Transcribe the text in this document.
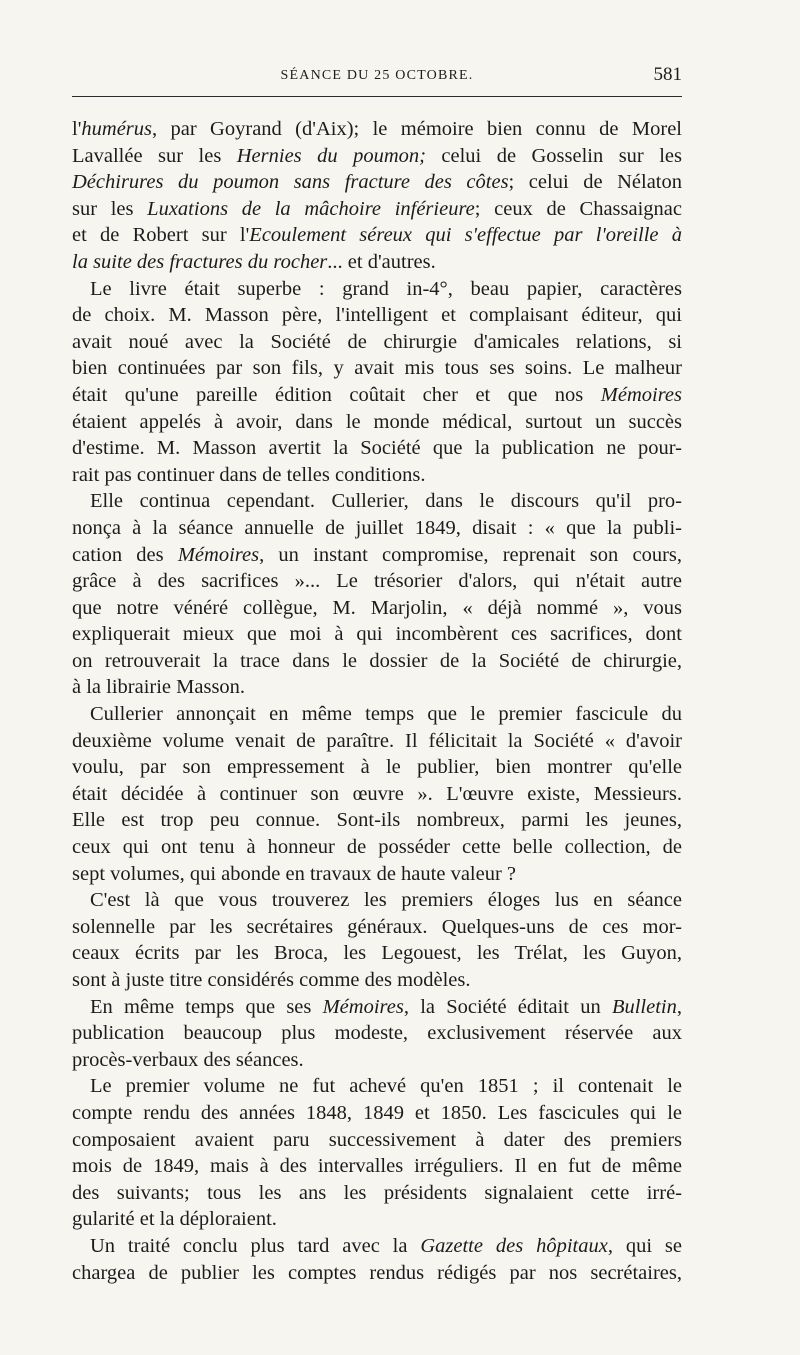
SÉANCE DU 25 OCTOBRE.	581
l'humérus, par Goyrand (d'Aix); le mémoire bien connu de Morel
Lavallée sur les Hernies du poumon; celui de Gosselin sur les
Déchirures du poumon sans fracture des côtes; celui de Nélaton
sur les Luxations de la mâchoire inférieure; ceux de Chassaignac
et de Robert sur l'Ecoulement séreux qui s'effectue par l'oreille à
la suite des fractures du rocher... et d'autres.
Le livre était superbe : grand in-4°, beau papier, caractères
de choix. M. Masson père, l'intelligent et complaisant éditeur, qui
avait noué avec la Société de chirurgie d'amicales relations, si
bien continuées par son fils, y avait mis tous ses soins. Le malheur
était qu'une pareille édition coûtait cher et que nos Mémoires
étaient appelés à avoir, dans le monde médical, surtout un succès
d'estime. M. Masson avertit la Société que la publication ne pour-
rait pas continuer dans de telles conditions.
Elle continua cependant. Cullerier, dans le discours qu'il pro-
nonça à la séance annuelle de juillet 1849, disait : « que la publi-
cation des Mémoires, un instant compromise, reprenait son cours,
grâce à des sacrifices »... Le trésorier d'alors, qui n'était autre
que notre vénéré collègue, M. Marjolin, « déjà nommé », vous
expliquerait mieux que moi à qui incombèrent ces sacrifices, dont
on retrouverait la trace dans le dossier de la Société de chirurgie,
à la librairie Masson.
Cullerier annonçait en même temps que le premier fascicule du
deuxième volume venait de paraître. Il félicitait la Société « d'avoir
voulu, par son empressement à le publier, bien montrer qu'elle
était décidée à continuer son œuvre ». L'œuvre existe, Messieurs.
Elle est trop peu connue. Sont-ils nombreux, parmi les jeunes,
ceux qui ont tenu à honneur de posséder cette belle collection, de
sept volumes, qui abonde en travaux de haute valeur ?
C'est là que vous trouverez les premiers éloges lus en séance
solennelle par les secrétaires généraux. Quelques-uns de ces mor-
ceaux écrits par les Broca, les Legouest, les Trélat, les Guyon,
sont à juste titre considérés comme des modèles.
En même temps que ses Mémoires, la Société éditait un Bulletin,
publication beaucoup plus modeste, exclusivement réservée aux
procès-verbaux des séances.
Le premier volume ne fut achevé qu'en 1851 ; il contenait le
compte rendu des années 1848, 1849 et 1850. Les fascicules qui le
composaient avaient paru successivement à dater des premiers
mois de 1849, mais à des intervalles irréguliers. Il en fut de même
des suivants; tous les ans les présidents signalaient cette irré-
gularité et la déploraient.
Un traité conclu plus tard avec la Gazette des hôpitaux, qui se
chargea de publier les comptes rendus rédigés par nos secrétaires,
